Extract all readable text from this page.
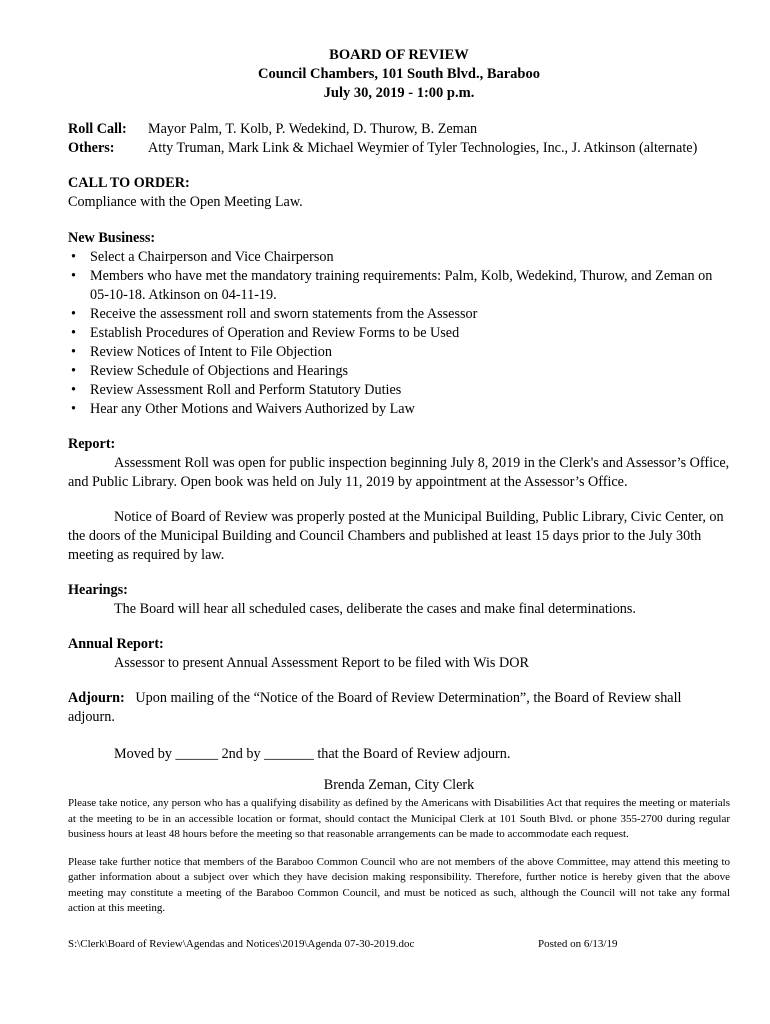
BOARD OF REVIEW
Council Chambers, 101 South Blvd., Baraboo
July 30, 2019 - 1:00 p.m.
Roll Call:	Mayor Palm, T. Kolb, P. Wedekind, D. Thurow, B. Zeman
Others:	Atty Truman, Mark Link & Michael Weymier of Tyler Technologies, Inc., J. Atkinson (alternate)
CALL TO ORDER:
Compliance with the Open Meeting Law.
New Business:
• Select a Chairperson and Vice Chairperson
• Members who have met the mandatory training requirements: Palm, Kolb, Wedekind, Thurow, and Zeman on 05-10-18. Atkinson on 04-11-19.
• Receive the assessment roll and sworn statements from the Assessor
• Establish Procedures of Operation and Review Forms to be Used
• Review Notices of Intent to File Objection
• Review Schedule of Objections and Hearings
• Review Assessment Roll and Perform Statutory Duties
• Hear any Other Motions and Waivers Authorized by Law
Report:

Assessment Roll was open for public inspection beginning July 8, 2019 in the Clerk's and Assessor’s Office, and Public Library. Open book was held on July 11, 2019 by appointment at the Assessor’s Office.

Notice of Board of Review was properly posted at the Municipal Building, Public Library, Civic Center, on the doors of the Municipal Building and Council Chambers and published at least 15 days prior to the July 30th meeting as required by law.

Hearings:
The Board will hear all scheduled cases, deliberate the cases and make final determinations.
Annual Report:
Assessor to present Annual Assessment Report to be filed with Wis DOR

Adjourn: Upon mailing of the “Notice of the Board of Review Determination”, the Board of Review shall adjourn.

Moved by ______ 2nd by _______ that the Board of Review adjourn.
Brenda Zeman, City Clerk

Please take notice, any person who has a qualifying disability as defined by the Americans with Disabilities Act that requires the meeting or materials at the meeting to be in an accessible location or format, should contact the Municipal Clerk at 101 South Blvd. or phone 355-2700 during regular business hours at least 48 hours before the meeting so that reasonable arrangements can be made to accommodate each request.

Please take further notice that members of the Baraboo Common Council who are not members of the above Committee, may attend this meeting to gather information about a subject over which they have decision making responsibility. Therefore, further notice is hereby given that the above meeting may constitute a meeting of the Baraboo Common Council, and must be noticed as such, although the Council will not take any formal action at this meeting.

S:\Clerk\Board of Review\Agendas and Notices\2019\Agenda 07-30-2019.doc	Posted on 6/13/19
